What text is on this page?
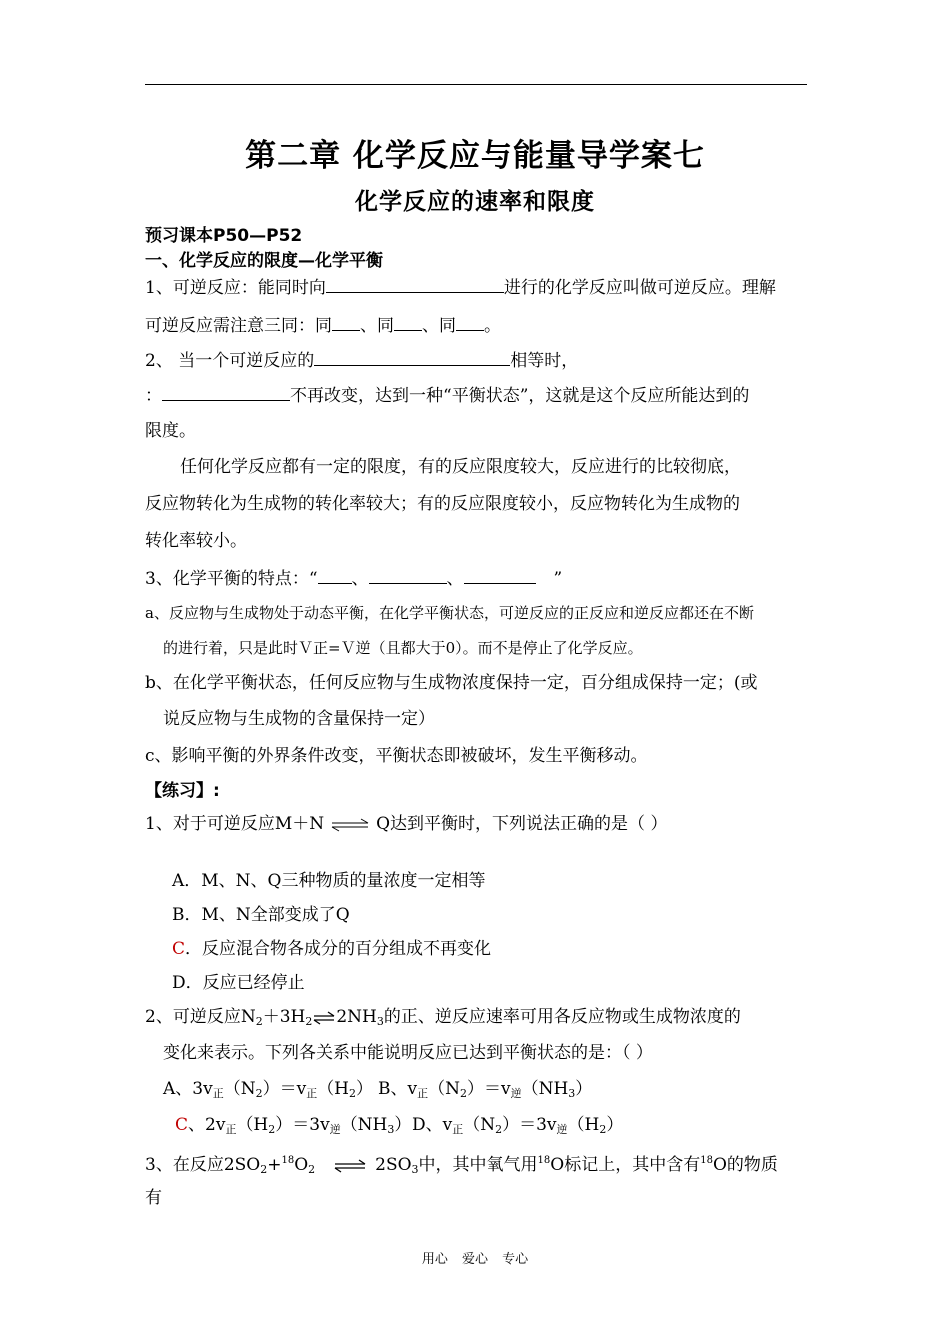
第二章 化学反应与能量导学案七
化学反应的速率和限度
预习课本P50—P52
一、化学反应的限度—化学平衡
1、可逆反应：能同时向	进行的化学反应叫做可逆反应。理解
可逆反应需注意三同：同 、同 、同 。
2、 当一个可逆反应的	相等时，
：	不再改变，达到一种“平衡状态”，这就是这个反应所能达到的
限度。
任何化学反应都有一定的限度，有的反应限度较大，反应进行的比较彻底，
反应物转化为生成物的转化率较大；有的反应限度较小，反应物转化为生成物的
转化率较小。
3、化学平衡的特点：“ 、	、	”
a、反应物与生成物处于动态平衡，在化学平衡状态，可逆反应的正反应和逆反应都还在不断
的进行着，只是此时Ｖ正=Ｖ逆（且都大于0）。而不是停止了化学反应。
b、在化学平衡状态，任何反应物与生成物浓度保持一定，百分组成保持一定；(或
说反应物与生成物的含量保持一定）
c、影响平衡的外界条件改变，平衡状态即被破坏，发生平衡移动。
【练习】:
1、对于可逆反应M＋N ⇌ Q达到平衡时，下列说法正确的是（ ）
A．M、N、Q三种物质的量浓度一定相等
B．M、N全部变成了Q
C．反应混合物各成分的百分组成不再变化
D．反应已经停止
2、可逆反应$N_2+3H_2\rightleftharpoons 2NH_3$的正、逆反应速率可用各反应物或生成物浓度的
变化来表示。下列各关系中能说明反应已达到平衡状态的是：（ ）
A、$3v_正(N_2)=v_正(H_2)$ B、$v_正(N_2)=v_逆(NH_3)$
C、$2v_正(H_2)=3v_逆(NH_3)$ D、$v_正(N_2)=3v_逆(H_2)$
3、在反应$2SO_2+^{18}O_2$ ⇌ $2SO_3$中，其中氧气用$^{18}$O标记上，其中含有$^{18}$O的物质
有
用心 爱心 专心
